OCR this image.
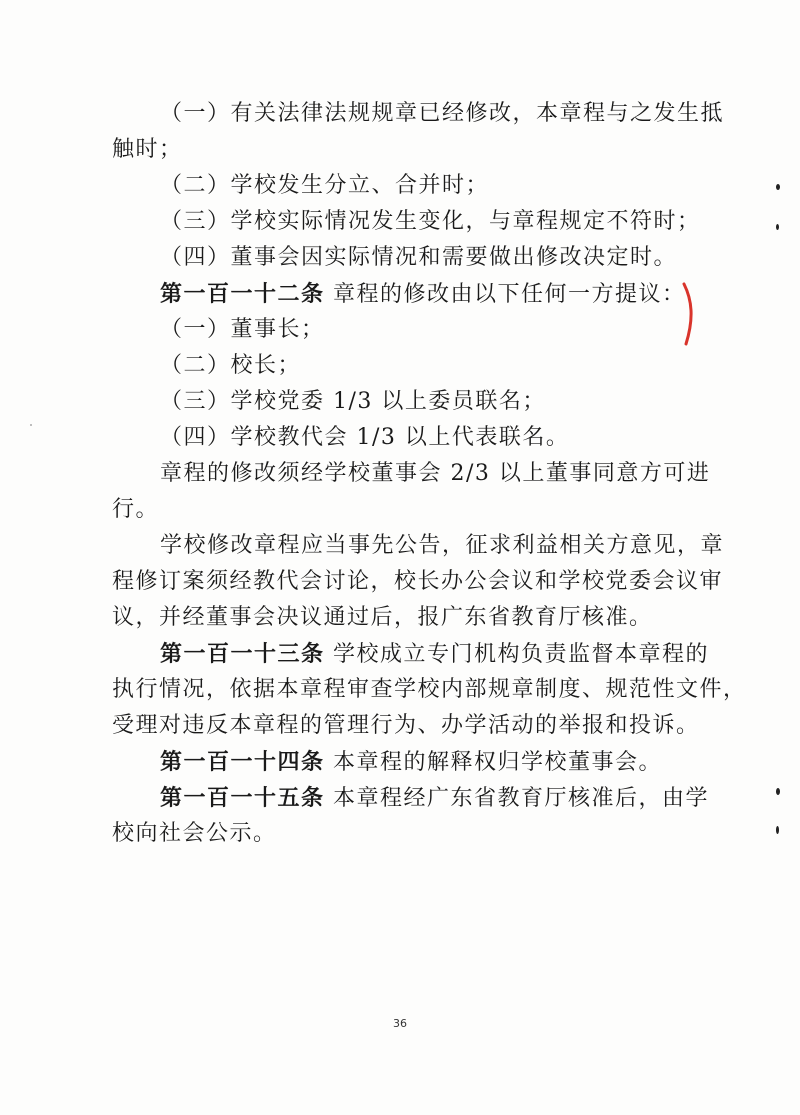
（一）有关法律法规规章已经修改，本章程与之发生抵
触时；
（二）学校发生分立、合并时；
（三）学校实际情况发生变化，与章程规定不符时；
（四）董事会因实际情况和需要做出修改决定时。
第一百一十二条 章程的修改由以下任何一方提议：
（一）董事长；
（二）校长；
（三）学校党委 1/3 以上委员联名；
（四）学校教代会 1/3 以上代表联名。
章程的修改须经学校董事会 2/3 以上董事同意方可进
行。
学校修改章程应当事先公告，征求利益相关方意见，章
程修订案须经教代会讨论，校长办公会议和学校党委会议审
议，并经董事会决议通过后，报广东省教育厅核准。
第一百一十三条 学校成立专门机构负责监督本章程的
执行情况，依据本章程审查学校内部规章制度、规范性文件，
受理对违反本章程的管理行为、办学活动的举报和投诉。
第一百一十四条 本章程的解释权归学校董事会。
第一百一十五条 本章程经广东省教育厅核准后，由学
校向社会公示。
36
